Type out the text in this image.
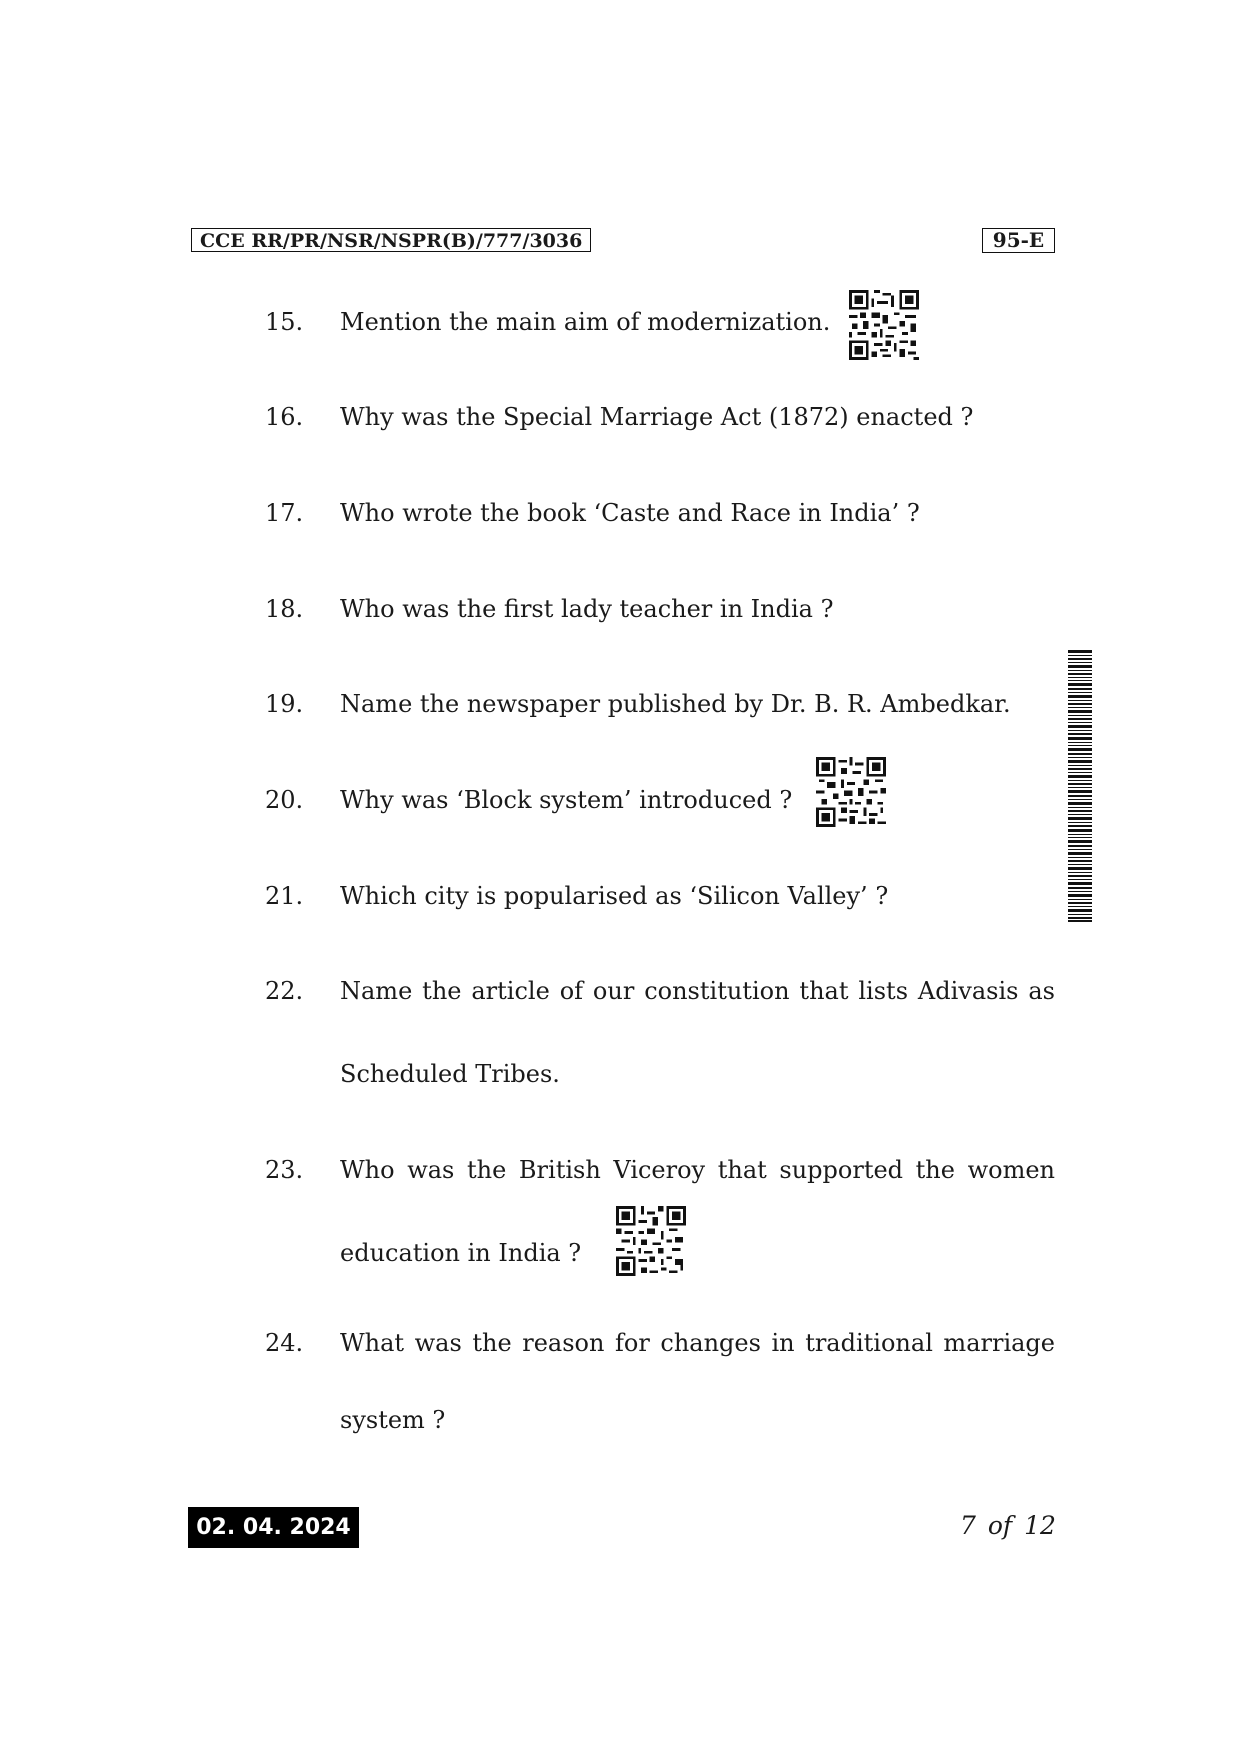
CCE RR/PR/NSR/NSPR(B)/777/3036	95-E
15. Mention the main aim of modernization.
16. Why was the Special Marriage Act (1872) enacted ?
17. Who wrote the book ‘Caste and Race in India’ ?
18. Who was the first lady teacher in India ?
19. Name the newspaper published by Dr. B. R. Ambedkar.
20. Why was ‘Block system’ introduced ?
21. Which city is popularised as ‘Silicon Valley’ ?
22. Name the article of our constitution that lists Adivasis as
Scheduled Tribes.
23. Who was the British Viceroy that supported the women
education in India ?
24. What was the reason for changes in traditional marriage
system ?
02. 04. 2024	7 of 12
